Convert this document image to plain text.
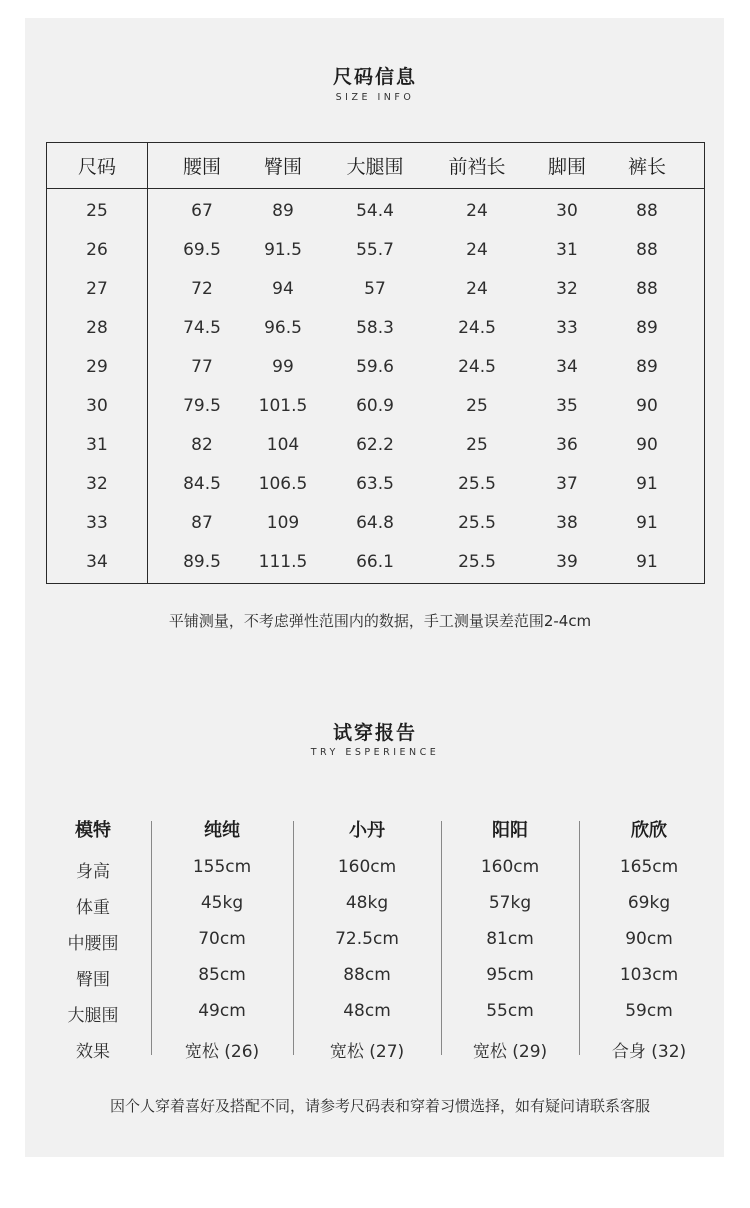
尺码信息
SIZE INFO
尺码	腰围 臀围 大腿围 前裆长 脚围 裤长
25	67	89	54.4	24	30	88
26	69.5	91.5	55.7	24	31	88
27	72	94	57	24	32	88
28	74.5	96.5	58.3	24.5	33	89
29	77	99	59.6	24.5	34	89
30	79.5 101.5	60.9	25	35	90
31	82	104	62.2	25	36	90
32	84.5 106.5	63.5	25.5	37	91
33	87	109	64.8	25.5	38	91
34	89.5 111.5	66.1	25.5	39	91
平铺测量，不考虑弹性范围内的数据，手工测量误差范围2-4cm
试穿报告
TRY ESPERIENCE
模特	纯纯	小丹	阳阳	欣欣
身高	155cm	160cm	160cm	165cm
体重	45kg	48kg	57kg	69kg
中腰围	70cm	72.5cm	81cm	90cm
臀围	85cm	88cm	95cm	103cm
大腿围	49cm	48cm	55cm	59cm
效果	宽松 (26)	宽松 (27)	宽松 (29)	合身 (32)
因个人穿着喜好及搭配不同，请参考尺码表和穿着习惯选择，如有疑问请联系客服
